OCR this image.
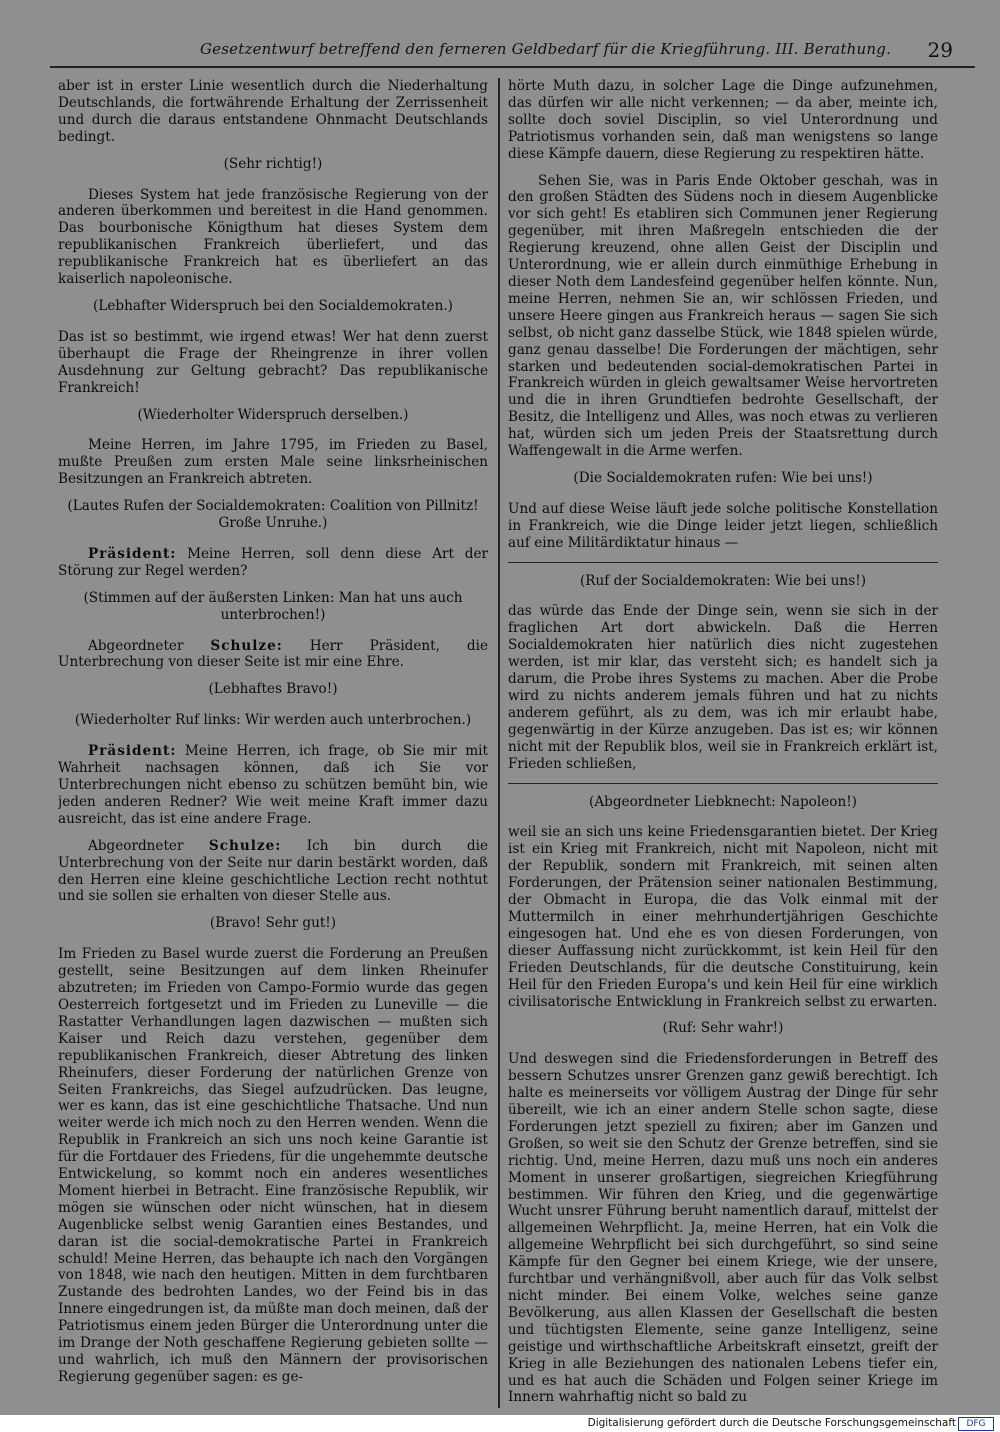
Gesetzentwurf betreffend den ferneren Geldbedarf für die Kriegführung. III. Berathung. 29

aber ist in erster Linie wesentlich durch die Niederhaltung Deutschlands, die fortwährende Erhaltung der Zerrissenheit und durch die daraus entstandene Ohnmacht Deutschlands bedingt.

(Sehr richtig!)

Dieses System hat jede französische Regierung von der anderen überkommen und bereitest in die Hand genommen. Das bourbonische Königthum hat dieses System dem republikanischen Frankreich überliefert, und das republikanische Frankreich hat es überliefert an das kaiserlich napoleonische.

(Lebhafter Widerspruch bei den Socialdemokraten.)

Das ist so bestimmt, wie irgend etwas! Wer hat denn zuerst überhaupt die Frage der Rheingrenze in ihrer vollen Ausdehnung zur Geltung gebracht? Das republikanische Frankreich!

(Wiederholter Widerspruch derselben.)

Meine Herren, im Jahre 1795, im Frieden zu Basel, mußte Preußen zum ersten Male seine linksrheinischen Besitzungen an Frankreich abtreten.

(Lautes Rufen der Socialdemokraten: Coalition von Pillnitz! Große Unruhe.)

Präsident: Meine Herren, soll denn diese Art der Störung zur Regel werden?

(Stimmen auf der äußersten Linken: Man hat uns auch unterbrochen!)

Abgeordneter Schulze: Herr Präsident, die Unterbrechung von dieser Seite ist mir eine Ehre.

(Lebhaftes Bravo!)

(Wiederholter Ruf links: Wir werden auch unterbrochen.)

Präsident: Meine Herren, ich frage, ob Sie mir mit Wahrheit nachsagen können, daß ich Sie vor Unterbrechungen nicht ebenso zu schützen bemüht bin, wie jeden anderen Redner? Wie weit meine Kraft immer dazu ausreicht, das ist eine andere Frage.

Abgeordneter Schulze: Ich bin durch die Unterbrechung von der Seite nur darin bestärkt worden, daß den Herren eine kleine geschichtliche Lection recht nothtut und sie sollen sie erhalten von dieser Stelle aus.

(Bravo! Sehr gut!)

Im Frieden zu Basel wurde zuerst die Forderung an Preußen gestellt, seine Besitzungen auf dem linken Rheinufer abzutreten; im Frieden von Campo-Formio wurde das gegen Oesterreich fortgesetzt und im Frieden zu Luneville — die Rastatter Verhandlungen lagen dazwischen — mußten sich Kaiser und Reich dazu verstehen, gegenüber dem republikanischen Frankreich, dieser Abtretung des linken Rheinufers, dieser Forderung der natürlichen Grenze von Seiten Frankreichs, das Siegel aufzudrücken. Das leugne, wer es kann, das ist eine geschichtliche Thatsache. Und nun weiter werde ich mich noch zu den Herren wenden. Wenn die Republik in Frankreich an sich uns noch keine Garantie ist für die Fortdauer des Friedens, für die ungehemmte deutsche Entwickelung, so kommt noch ein anderes wesentliches Moment hierbei in Betracht. Eine französische Republik, wir mögen sie wünschen oder nicht wünschen, hat in diesem Augenblicke selbst wenig Garantien eines Bestandes, und daran ist die social-demokratische Partei in Frankreich schuld! Meine Herren, das behaupte ich nach den Vorgängen von 1848, wie nach den heutigen. Mitten in dem furchtbaren Zustande des bedrohten Landes, wo der Feind bis in das Innere eingedrungen ist, da müßte man doch meinen, daß der Patriotismus einem jeden Bürger die Unterordnung unter die im Drange der Noth geschaffene Regierung gebieten sollte — und wahrlich, ich muß den Männern der provisorischen Regierung gegenüber sagen: es ge-

hörte Muth dazu, in solcher Lage die Dinge aufzunehmen, das dürfen wir alle nicht verkennen; — da aber, meinte ich, sollte doch soviel Disciplin, so viel Unterordnung und Patriotismus vorhanden sein, daß man wenigstens so lange diese Kämpfe dauern, diese Regierung zu respektiren hätte.

Sehen Sie, was in Paris Ende Oktober geschah, was in den großen Städten des Südens noch in diesem Augenblicke vor sich geht! Es etabliren sich Communen jener Regierung gegenüber, mit ihren Maßregeln entschieden die der Regierung kreuzend, ohne allen Geist der Disciplin und Unterordnung, wie er allein durch einmüthige Erhebung in dieser Noth dem Landesfeind gegenüber helfen könnte. Nun, meine Herren, nehmen Sie an, wir schlössen Frieden, und unsere Heere gingen aus Frankreich heraus — sagen Sie sich selbst, ob nicht ganz dasselbe Stück, wie 1848 spielen würde, ganz genau dasselbe! Die Forderungen der mächtigen, sehr starken und bedeutenden social-demokratischen Partei in Frankreich würden in gleich gewaltsamer Weise hervortreten und die in ihren Grundtiefen bedrohte Gesellschaft, der Besitz, die Intelligenz und Alles, was noch etwas zu verlieren hat, würden sich um jeden Preis der Staatsrettung durch Waffengewalt in die Arme werfen.

(Die Socialdemokraten rufen: Wie bei uns!)

Und auf diese Weise läuft jede solche politische Konstellation in Frankreich, wie die Dinge leider jetzt liegen, schließlich auf eine Militärdiktatur hinaus —

(Ruf der Socialdemokraten: Wie bei uns!)

das würde das Ende der Dinge sein, wenn sie sich in der fraglichen Art dort abwickeln. Daß die Herren Socialdemokraten hier natürlich dies nicht zugestehen werden, ist mir klar, das versteht sich; es handelt sich ja darum, die Probe ihres Systems zu machen. Aber die Probe wird zu nichts anderem jemals führen und hat zu nichts anderem geführt, als zu dem, was ich mir erlaubt habe, gegenwärtig in der Kürze anzugeben. Das ist es; wir können nicht mit der Republik blos, weil sie in Frankreich erklärt ist, Frieden schließen,

(Abgeordneter Liebknecht: Napoleon!)

weil sie an sich uns keine Friedensgarantien bietet. Der Krieg ist ein Krieg mit Frankreich, nicht mit Napoleon, nicht mit der Republik, sondern mit Frankreich, mit seinen alten Forderungen, der Prätension seiner nationalen Bestimmung, der Obmacht in Europa, die das Volk einmal mit der Muttermilch in einer mehrhundertjährigen Geschichte eingesogen hat. Und ehe es von diesen Forderungen, von dieser Auffassung nicht zurückkommt, ist kein Heil für den Frieden Deutschlands, für die deutsche Constituirung, kein Heil für den Frieden Europa's und kein Heil für eine wirklich civilisatorische Entwicklung in Frankreich selbst zu erwarten.

(Ruf: Sehr wahr!)

Und deswegen sind die Friedensforderungen in Betreff des bessern Schutzes unsrer Grenzen ganz gewiß berechtigt. Ich halte es meinerseits vor völligem Austrag der Dinge für sehr übereilt, wie ich an einer andern Stelle schon sagte, diese Forderungen jetzt speziell zu fixiren; aber im Ganzen und Großen, so weit sie den Schutz der Grenze betreffen, sind sie richtig. Und, meine Herren, dazu muß uns noch ein anderes Moment in unserer großartigen, siegreichen Kriegführung bestimmen. Wir führen den Krieg, und die gegenwärtige Wucht unsrer Führung beruht namentlich darauf, mittelst der allgemeinen Wehrpflicht. Ja, meine Herren, hat ein Volk die allgemeine Wehrpflicht bei sich durchgeführt, so sind seine Kämpfe für den Gegner bei einem Kriege, wie der unsere, furchtbar und verhängnißvoll, aber auch für das Volk selbst nicht minder. Bei einem Volke, welches seine ganze Bevölkerung, aus allen Klassen der Gesellschaft die besten und tüchtigsten Elemente, seine ganze Intelligenz, seine geistige und wirthschaftliche Arbeitskraft einsetzt, greift der Krieg in alle Beziehungen des nationalen Lebens tiefer ein, und es hat auch die Schäden und Folgen seiner Kriege im Innern wahrhaftig nicht so bald zu

Digitalisierung gefördert durch die Deutsche Forschungsgemeinschaft	DFG
